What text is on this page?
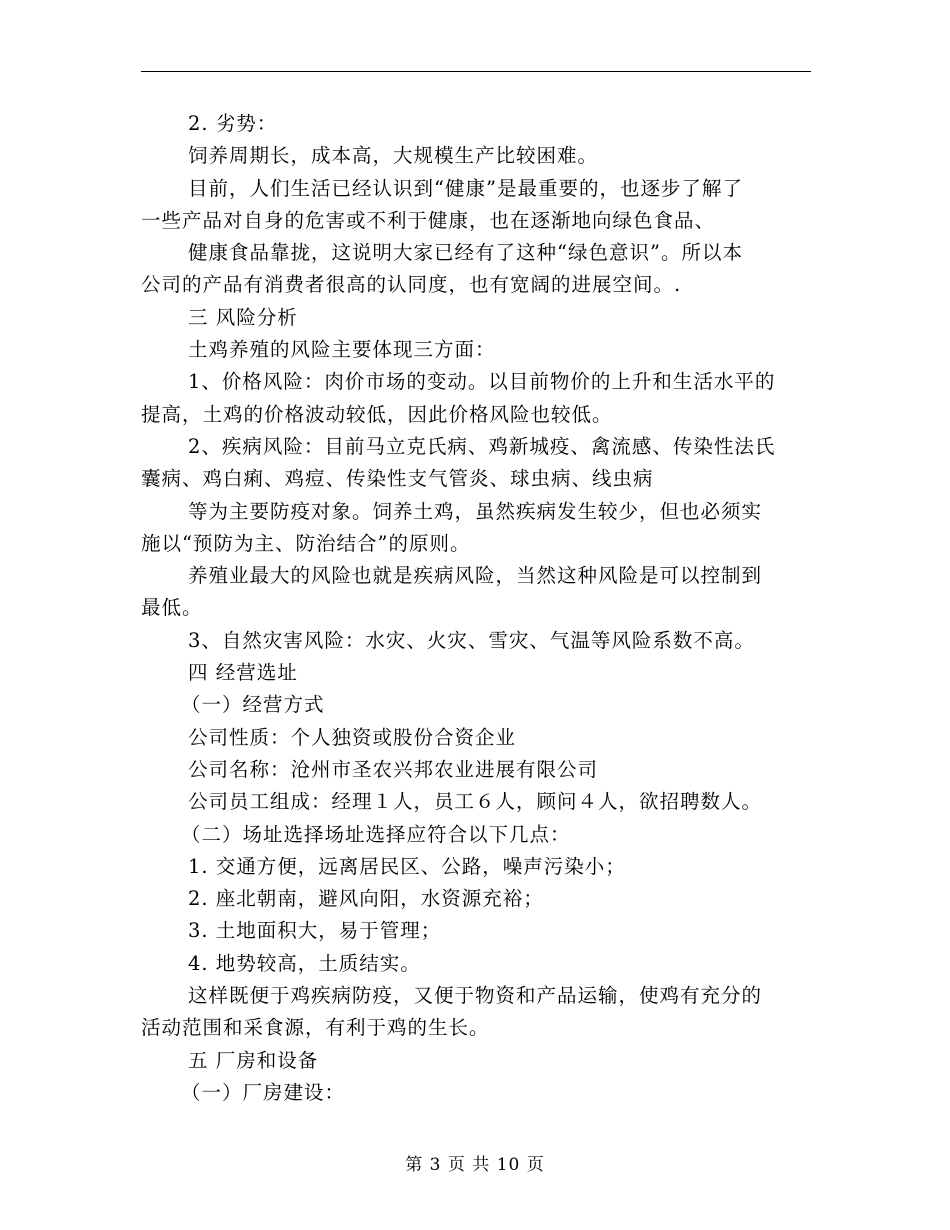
2. 劣势：
饲养周期长，成本高，大规模生产比较困难。
目前，人们生活已经认识到“健康”是最重要的，也逐步了解了
一些产品对自身的危害或不利于健康，也在逐渐地向绿色食品、
健康食品靠拢，这说明大家已经有了这种“绿色意识”。所以本
公司的产品有消费者很高的认同度，也有宽阔的进展空间。.
三 风险分析
土鸡养殖的风险主要体现三方面：
1、价格风险：肉价市场的变动。以目前物价的上升和生活水平的
提高，土鸡的价格波动较低，因此价格风险也较低。
2、疾病风险：目前马立克氏病、鸡新城疫、禽流感、传染性法氏
囊病、鸡白痢、鸡痘、传染性支气管炎、球虫病、线虫病
等为主要防疫对象。饲养土鸡，虽然疾病发生较少，但也必须实
施以“预防为主、防治结合”的原则。
养殖业最大的风险也就是疾病风险，当然这种风险是可以控制到
最低。
3、自然灾害风险：水灾、火灾、雪灾、气温等风险系数不高。
四 经营选址
（一）经营方式
公司性质：个人独资或股份合资企业
公司名称：沧州市圣农兴邦农业进展有限公司
公司员工组成：经理１人，员工６人，顾问４人，欲招聘数人。
（二）场址选择场址选择应符合以下几点：
1. 交通方便，远离居民区、公路，噪声污染小；
2. 座北朝南，避风向阳，水资源充裕；
3. 土地面积大，易于管理；
4. 地势较高，土质结实。
这样既便于鸡疾病防疫，又便于物资和产品运输，使鸡有充分的
活动范围和采食源，有利于鸡的生长。
五 厂房和设备
（一）厂房建设：
第 3 页 共 10 页
